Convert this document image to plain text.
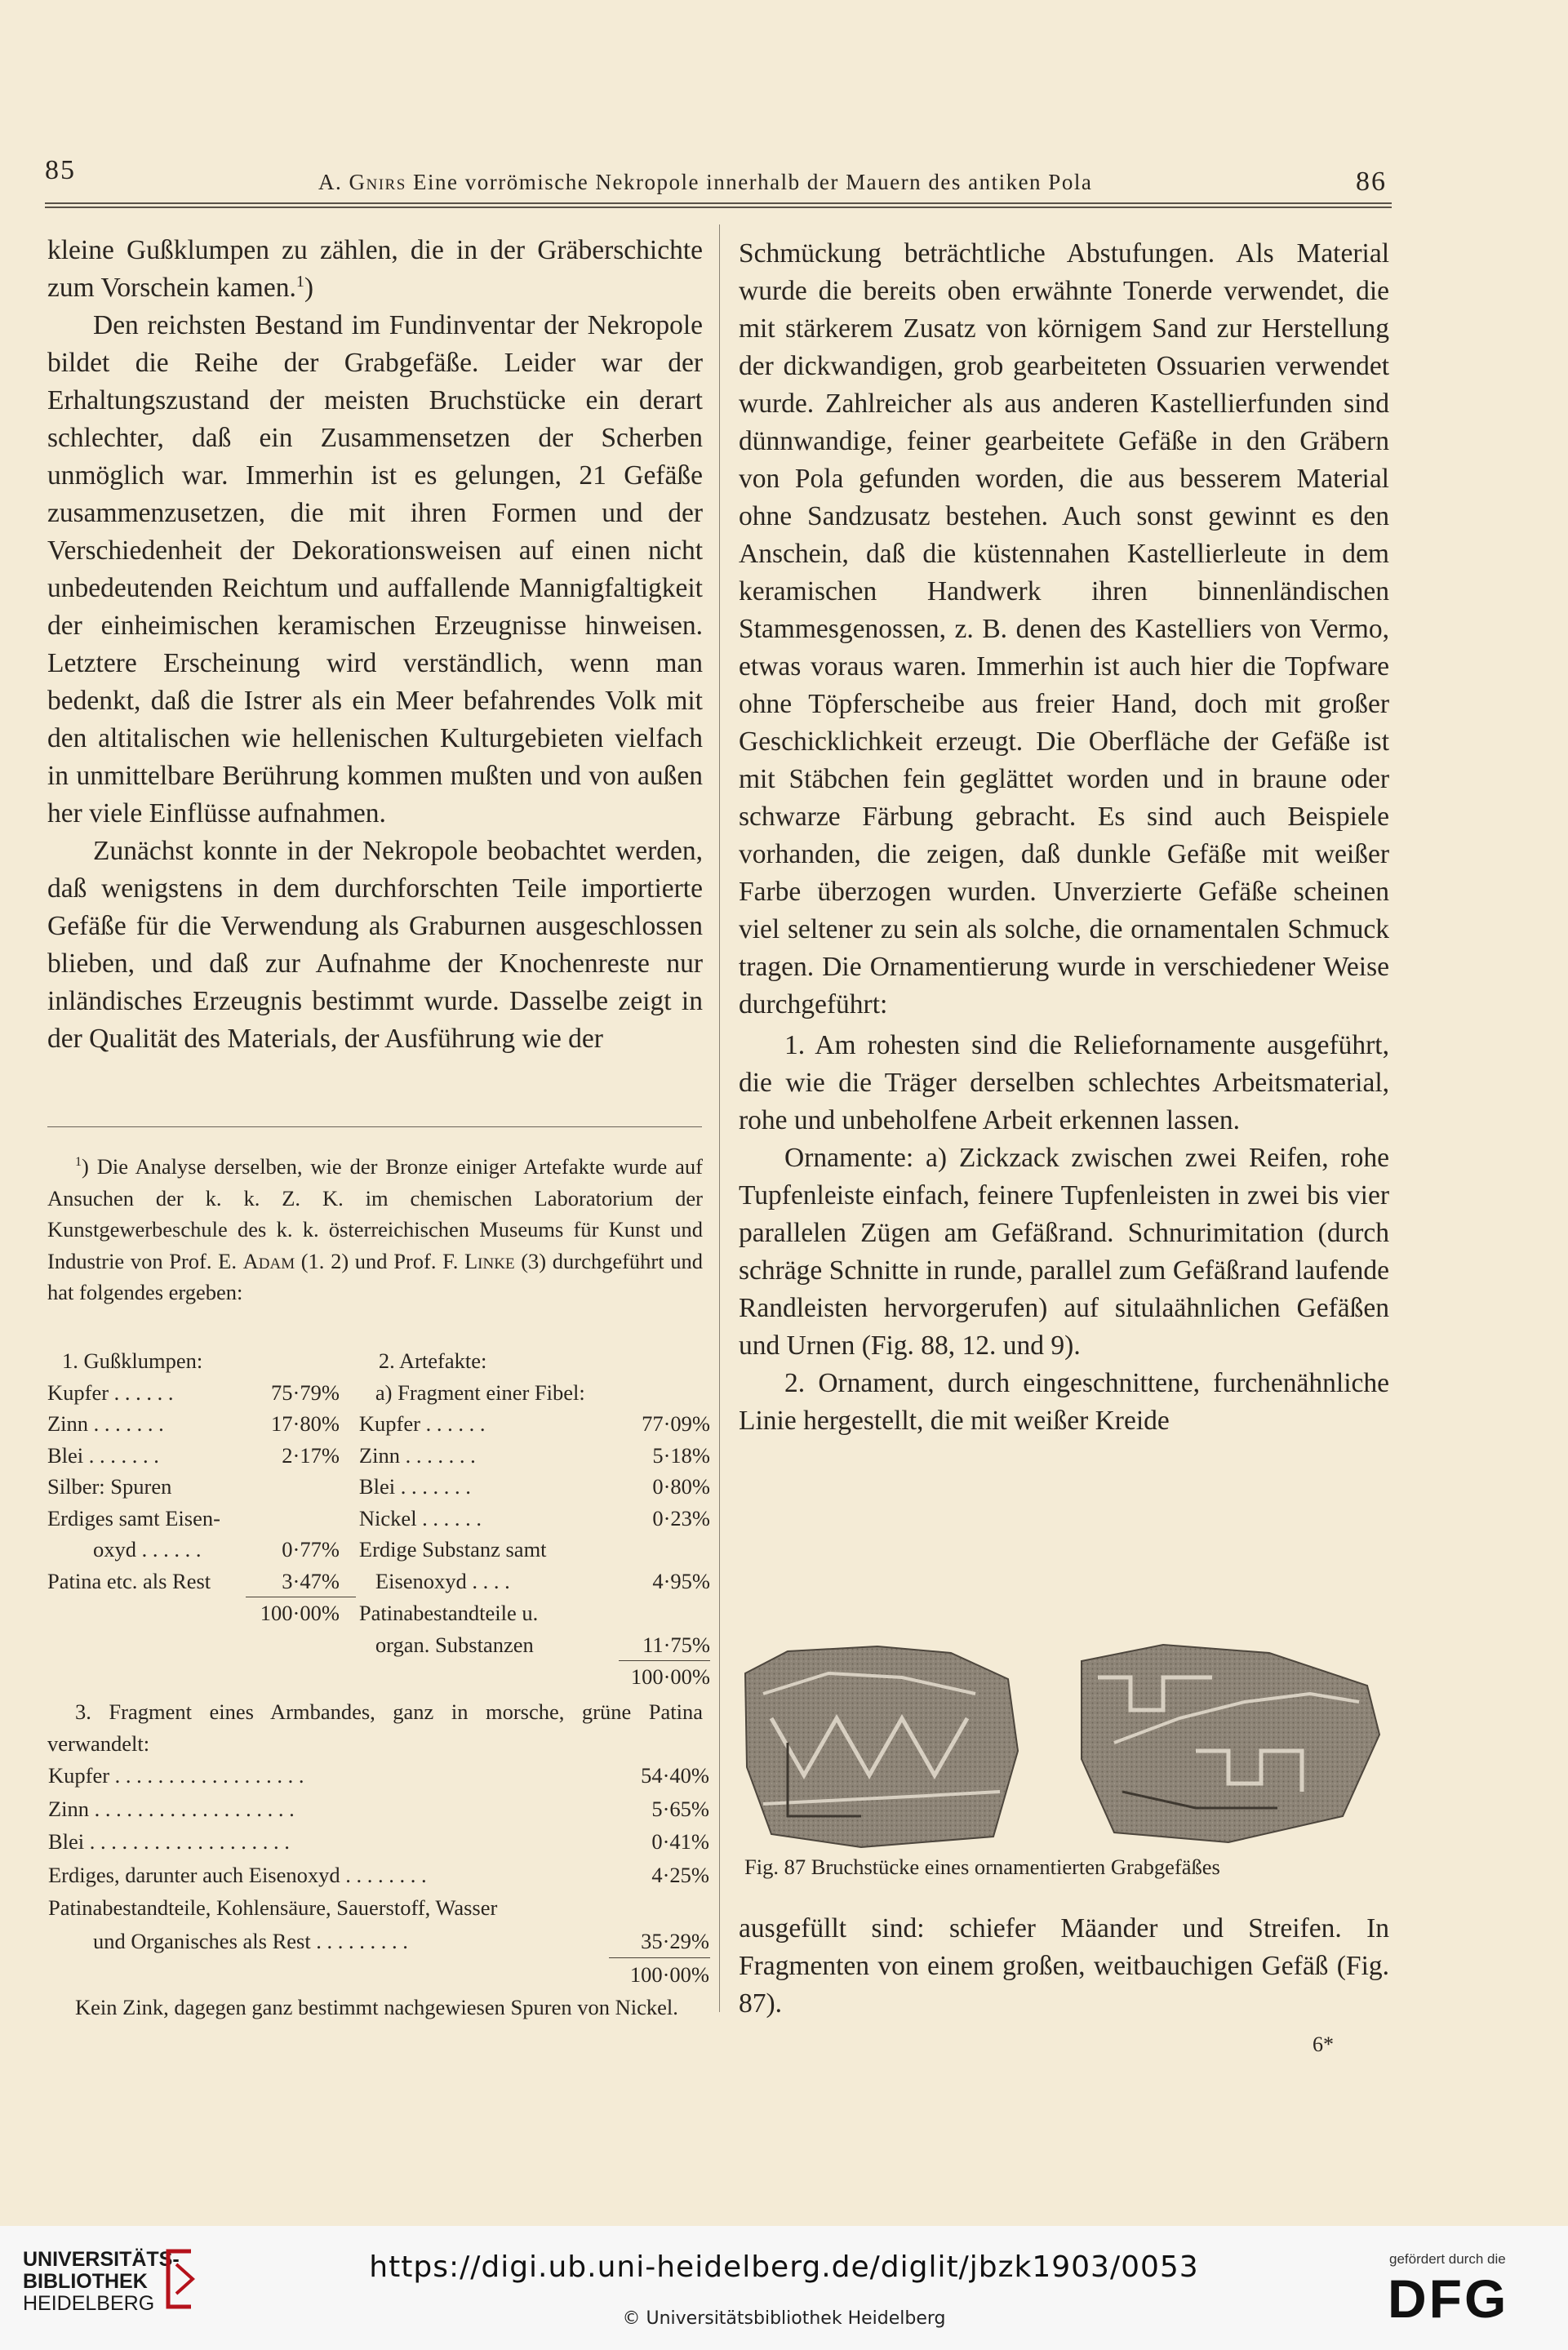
85	A. Gnirs Eine vorrömische Nekropole innerhalb der Mauern des antiken Pola	86

kleine Gußklumpen zu zählen, die in der Gräberschichte zum Vorschein kamen.$^1$)

Den reichsten Bestand im Fundinventar der Nekropole bildet die Reihe der Grabgefäße. Leider war der Erhaltungszustand der meisten Bruchstücke ein derart schlechter, daß ein Zusammensetzen der Scherben unmöglich war. Immerhin ist es gelungen, 21 Gefäße zusammenzusetzen, die mit ihren Formen und der Verschiedenheit der Dekorationsweisen auf einen nicht unbedeutenden Reichtum und auffallende Mannigfaltigkeit der einheimischen keramischen Erzeugnisse hinweisen. Letztere Erscheinung wird verständlich, wenn man bedenkt, daß die Istrer als ein Meer befahrendes Volk mit den altitalischen wie hellenischen Kulturgebieten vielfach in unmittelbare Berührung kommen mußten und von außen her viele Einflüsse aufnahmen.

Zunächst konnte in der Nekropole beobachtet werden, daß wenigstens in dem durchforschten Teile importierte Gefäße für die Verwendung als Graburnen ausgeschlossen blieben, und daß zur Aufnahme der Knochenreste nur inländisches Erzeugnis bestimmt wurde. Dasselbe zeigt in der Qualität des Materials, der Ausführung wie der

$^1$) Die Analyse derselben, wie der Bronze einiger Artefakte wurde auf Ansuchen der k. k. Z. K. im chemischen Laboratorium der Kunstgewerbeschule des k. k. österreichischen Museums für Kunst und Industrie von Prof. E. Adam (1. 2) und Prof. F. Linke (3) durchgeführt und hat folgendes ergeben:

1. Gußklumpen:		2. Artefakte:	
Kupfer . . . . . .	75·79%	a) Fragment einer Fibel:	
Zinn . . . . . . .	17·80%	Kupfer . . . . . .	77·09%
Blei . . . . . . .	2·17%	Zinn . . . . . . .	5·18%
Silber: Spuren		Blei . . . . . . .	0·80%
Erdiges samt Eisen-		Nickel . . . . . .	0·23%
oxyd . . . . . .	0·77%	Erdige Substanz samt	
Patina etc. als Rest	3·47%	Eisenoxyd . . . .	4·95%
	100·00%	Patinabestandteile u.	
		organ. Substanzen	11·75%
			100·00%

3. Fragment eines Armbandes, ganz in morsche, grüne Patina verwandelt:

Kupfer . . . . . . . . . . . . . . . . . .	54·40%
Zinn . . . . . . . . . . . . . . . . . . .	5·65%
Blei . . . . . . . . . . . . . . . . . . .	0·41%
Erdiges, darunter auch Eisenoxyd . . . . . . . .	4·25%
Patinabestandteile, Kohlensäure, Sauerstoff, Wasser	
und Organisches als Rest . . . . . . . . .	35·29%
	100·00%

Kein Zink, dagegen ganz bestimmt nachgewiesen Spuren von Nickel.

Schmückung beträchtliche Abstufungen. Als Material wurde die bereits oben erwähnte Tonerde verwendet, die mit stärkerem Zusatz von körnigem Sand zur Herstellung der dickwandigen, grob gearbeiteten Ossuarien verwendet wurde. Zahlreicher als aus anderen Kastellierfunden sind dünnwandige, feiner gearbeitete Gefäße in den Gräbern von Pola gefunden worden, die aus besserem Material ohne Sandzusatz bestehen. Auch sonst gewinnt es den Anschein, daß die küstennahen Kastellierleute in dem keramischen Handwerk ihren binnenländischen Stammesgenossen, z. B. denen des Kastelliers von Vermo, etwas voraus waren. Immerhin ist auch hier die Topfware ohne Töpferscheibe aus freier Hand, doch mit großer Geschicklichkeit erzeugt. Die Oberfläche der Gefäße ist mit Stäbchen fein geglättet worden und in braune oder schwarze Färbung gebracht. Es sind auch Beispiele vorhanden, die zeigen, daß dunkle Gefäße mit weißer Farbe überzogen wurden. Unverzierte Gefäße scheinen viel seltener zu sein als solche, die ornamentalen Schmuck tragen. Die Ornamentierung wurde in verschiedener Weise durchgeführt:

1. Am rohesten sind die Reliefornamente ausgeführt, die wie die Träger derselben schlechtes Arbeitsmaterial, rohe und unbeholfene Arbeit erkennen lassen.

Ornamente: a) Zickzack zwischen zwei Reifen, rohe Tupfenleiste einfach, feinere Tupfenleisten in zwei bis vier parallelen Zügen am Gefäßrand. Schnurimitation (durch schräge Schnitte in runde, parallel zum Gefäßrand laufende Randleisten hervorgerufen) auf situlaähnlichen Gefäßen und Urnen (Fig. 88, 12. und 9).

2. Ornament, durch eingeschnittene, furchenähnliche Linie hergestellt, die mit weißer Kreide

Fig. 87 Bruchstücke eines ornamentierten Grabgefäßes

ausgefüllt sind: schiefer Mäander und Streifen. In Fragmenten von einem großen, weitbauchigen Gefäß (Fig. 87).

6*
UNIVERSITÄTS-
BIBLIOTHEK
HEIDELBERG
https://digi.ub.uni-heidelberg.de/diglit/jbzk1903/0053
© Universitätsbibliothek Heidelberg
gefördert durch die
DFG
